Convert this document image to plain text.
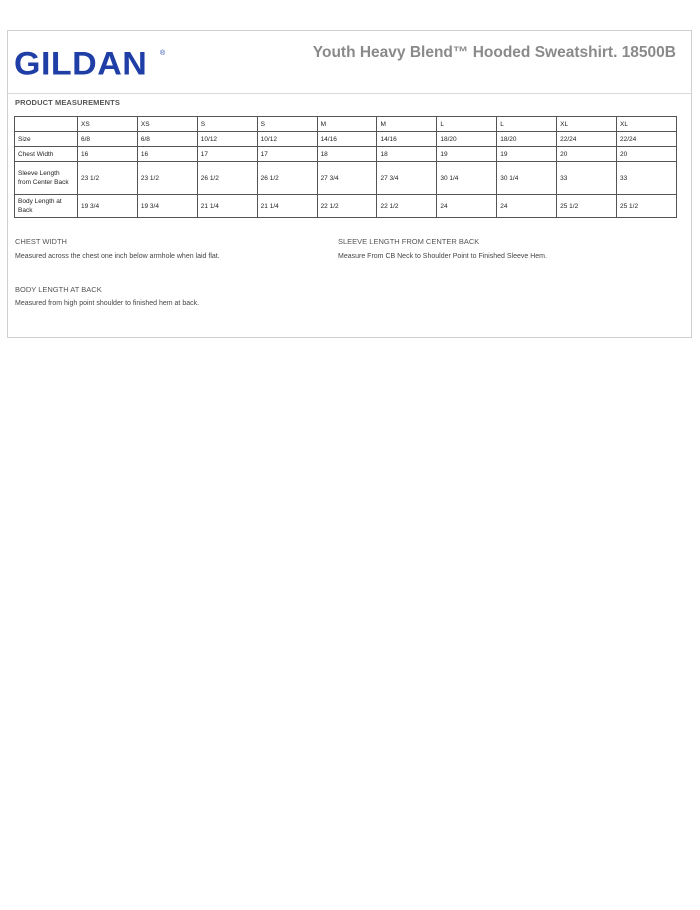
GILDAN ®	Youth Heavy Blend™ Hooded Sweatshirt. 18500B
PRODUCT MEASUREMENTS
	XS	XS	S	S	M	M	L	L	XL	XL
Size	6/8	6/8	10/12	10/12	14/16	14/16	18/20	18/20	22/24	22/24
Chest Width	16	16	17	17	18	18	19	19	20	20
Sleeve Length from Center Back	23 1/2	23 1/2	26 1/2	26 1/2	27 3/4	27 3/4	30 1/4	30 1/4	33	33
Body Length at Back	19 3/4	19 3/4	21 1/4	21 1/4	22 1/2	22 1/2	24	24	25 1/2	25 1/2
CHEST WIDTH
Measured across the chest one inch below armhole when laid flat.
SLEEVE LENGTH FROM CENTER BACK
Measure From CB Neck to Shoulder Point to Finished Sleeve Hem.
BODY LENGTH AT BACK
Measured from high point shoulder to finished hem at back.
